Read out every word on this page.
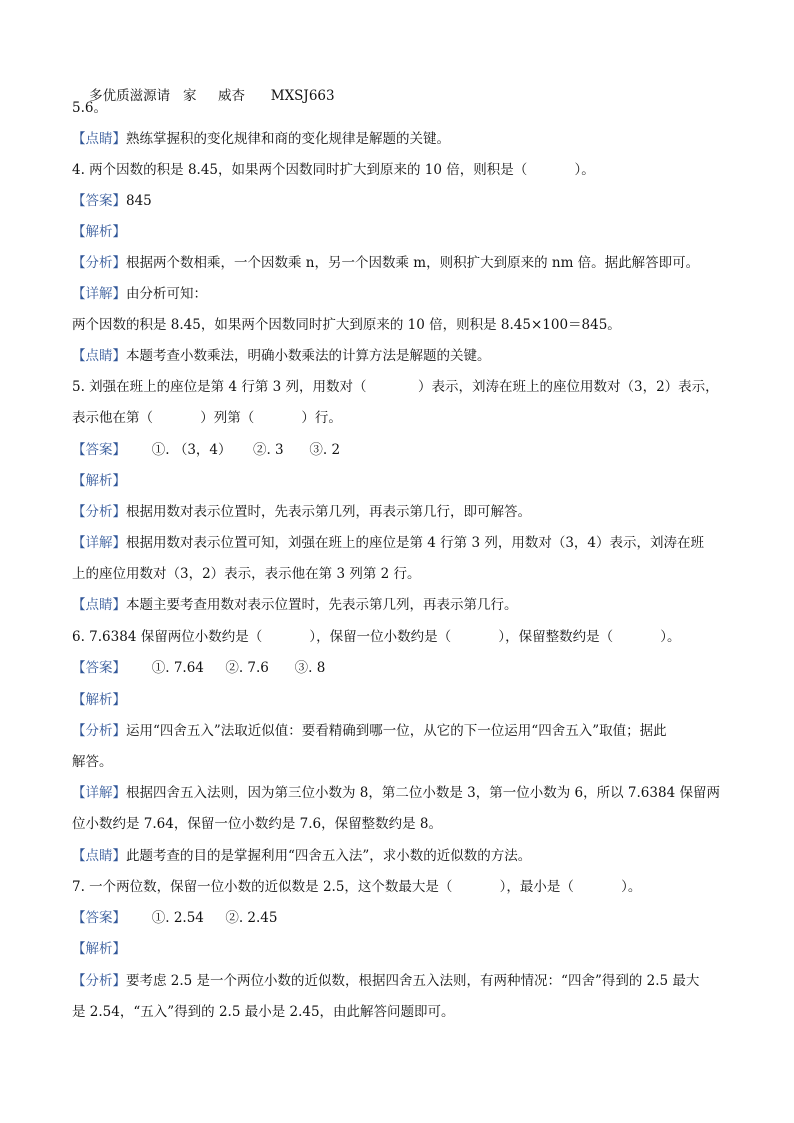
多优质滋源请   家     威杏      MXSJ663

5.6。
【点睛】熟练掌握积的变化规律和商的变化规律是解题的关键。
4. 两个因数的积是 8.45，如果两个因数同时扩大到原来的 10 倍，则积是（           ）。
【答案】845
【解析】
【分析】根据两个数相乘，一个因数乘 n，另一个因数乘 m，则积扩大到原来的 nm 倍。据此解答即可。
【详解】由分析可知：
两个因数的积是 8.45，如果两个因数同时扩大到原来的 10 倍，则积是 8.45×100＝845。
【点睛】本题考查小数乘法，明确小数乘法的计算方法是解题的关键。
5. 刘强在班上的座位是第 4 行第 3 列，用数对（            ）表示，刘涛在班上的座位用数对（3，2）表示，
表示他在第（           ）列第（           ）行。
【答案】      ①. （3，4）     ②. 3      ③. 2
【解析】
【分析】根据用数对表示位置时，先表示第几列，再表示第几行，即可解答。
【详解】根据用数对表示位置可知，刘强在班上的座位是第 4 行第 3 列，用数对（3，4）表示，刘涛在班
上的座位用数对（3，2）表示，表示他在第 3 列第 2 行。
【点睛】本题主要考查用数对表示位置时，先表示第几列，再表示第几行。
6. 7.6384 保留两位小数约是（           ），保留一位小数约是（           ），保留整数约是（           ）。
【答案】      ①. 7.64     ②. 7.6      ③. 8
【解析】
【分析】运用“四舍五入”法取近似值：要看精确到哪一位，从它的下一位运用“四舍五入”取值；据此
解答。
【详解】根据四舍五入法则，因为第三位小数为 8，第二位小数是 3，第一位小数为 6，所以 7.6384 保留两
位小数约是 7.64，保留一位小数约是 7.6，保留整数约是 8。
【点睛】此题考查的目的是掌握利用“四舍五入法”，求小数的近似数的方法。
7. 一个两位数，保留一位小数的近似数是 2.5，这个数最大是（           ），最小是（           ）。
【答案】      ①. 2.54     ②. 2.45
【解析】
【分析】要考虑 2.5 是一个两位小数的近似数，根据四舍五入法则，有两种情况：“四舍”得到的 2.5 最大
是 2.54，“五入”得到的 2.5 最小是 2.45，由此解答问题即可。
